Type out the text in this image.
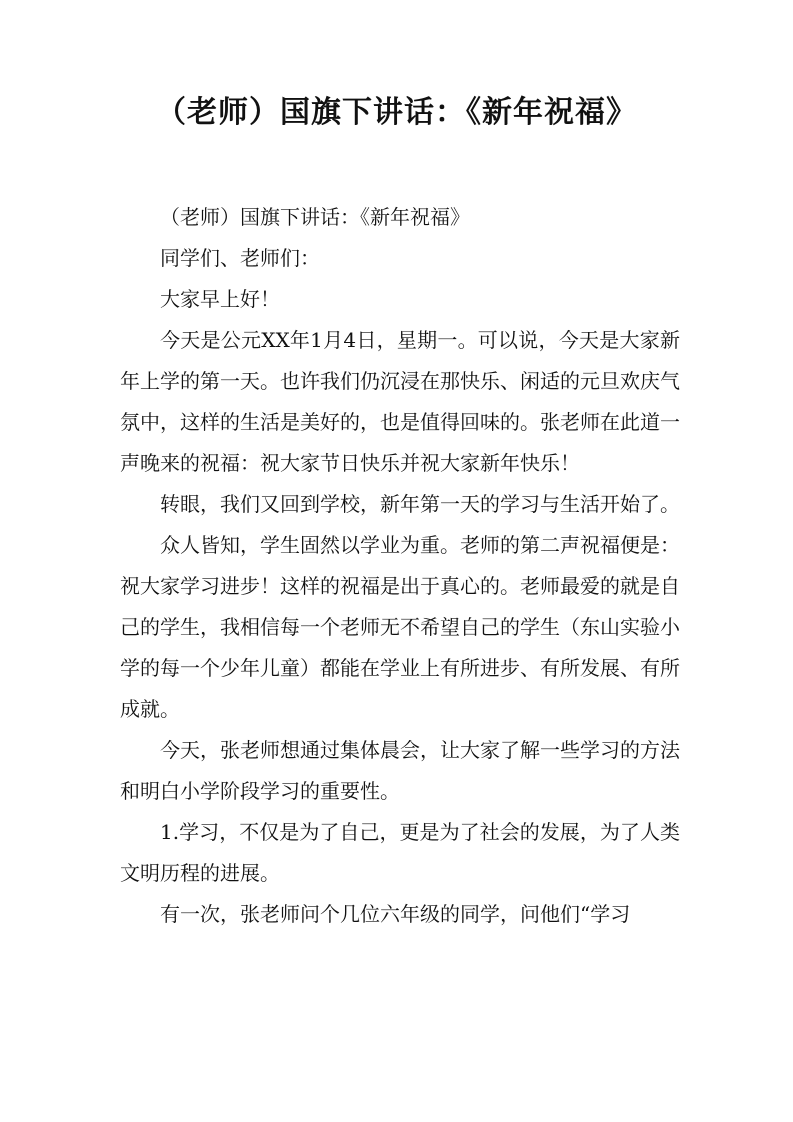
（老师）国旗下讲话：《新年祝福》

（老师）国旗下讲话：《新年祝福》

同学们、老师们：

大家早上好！

今天是公元XX年1月4日，星期一。可以说，今天是大家新年上学的第一天。也许我们仍沉浸在那快乐、闲适的元旦欢庆气氛中，这样的生活是美好的，也是值得回味的。张老师在此道一声晚来的祝福：祝大家节日快乐并祝大家新年快乐！

转眼，我们又回到学校，新年第一天的学习与生活开始了。

众人皆知，学生固然以学业为重。老师的第二声祝福便是：祝大家学习进步！这样的祝福是出于真心的。老师最爱的就是自己的学生，我相信每一个老师无不希望自己的学生（东山实验小学的每一个少年儿童）都能在学业上有所进步、有所发展、有所成就。

今天，张老师想通过集体晨会，让大家了解一些学习的方法和明白小学阶段学习的重要性。

1.学习，不仅是为了自己，更是为了社会的发展，为了人类文明历程的进展。

有一次，张老师问个几位六年级的同学，问他们“学习
